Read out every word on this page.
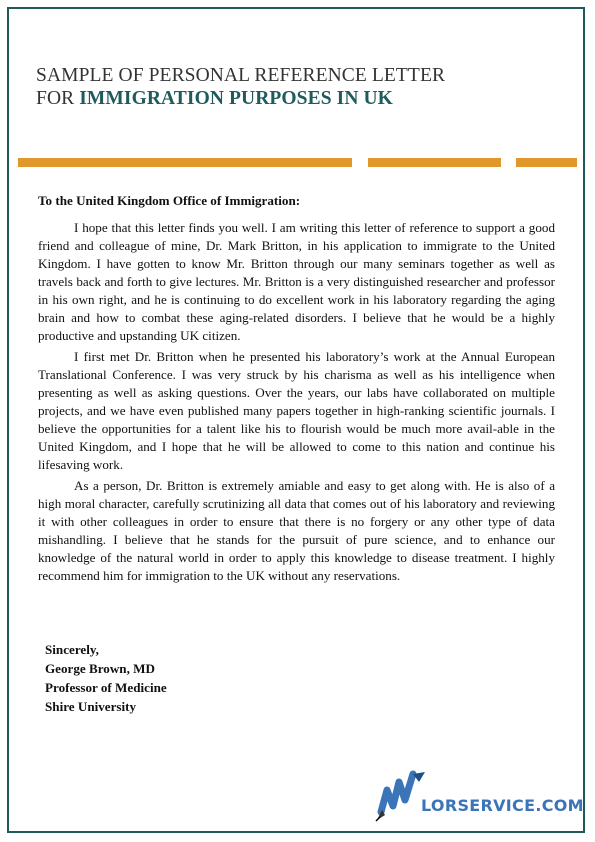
SAMPLE OF PERSONAL REFERENCE LETTER
FOR IMMIGRATION PURPOSES IN UK

To the United Kingdom Office of Immigration:

I hope that this letter finds you well. I am writing this letter of reference to support a good friend and colleague of mine, Dr. Mark Britton, in his application to immigrate to the United Kingdom. I have gotten to know Mr. Britton through our many seminars together as well as travels back and forth to give lectures. Mr. Britton is a very distinguished researcher and professor in his own right, and he is continuing to do excellent work in his laboratory regarding the aging brain and how to combat these aging-related disorders. I believe that he would be a highly productive and upstanding UK citizen.

I first met Dr. Britton when he presented his laboratory’s work at the Annual European Translational Conference. I was very struck by his charisma as well as his intelligence when presenting as well as asking questions. Over the years, our labs have collaborated on multiple projects, and we have even published many papers together in high-ranking scientific journals. I believe the opportunities for a talent like his to flourish would be much more avail-able in the United Kingdom, and I hope that he will be allowed to come to this nation and continue his lifesaving work.

As a person, Dr. Britton is extremely amiable and easy to get along with. He is also of a high moral character, carefully scrutinizing all data that comes out of his laboratory and reviewing it with other colleagues in order to ensure that there is no forgery or any other type of data mishandling. I believe that he stands for the pursuit of pure science, and to enhance our knowledge of the natural world in order to apply this knowledge to disease treatment. I highly recommend him for immigration to the UK without any reservations.

Sincerely,
George Brown, MD
Professor of Medicine
Shire University
LORSERVICE.COM
